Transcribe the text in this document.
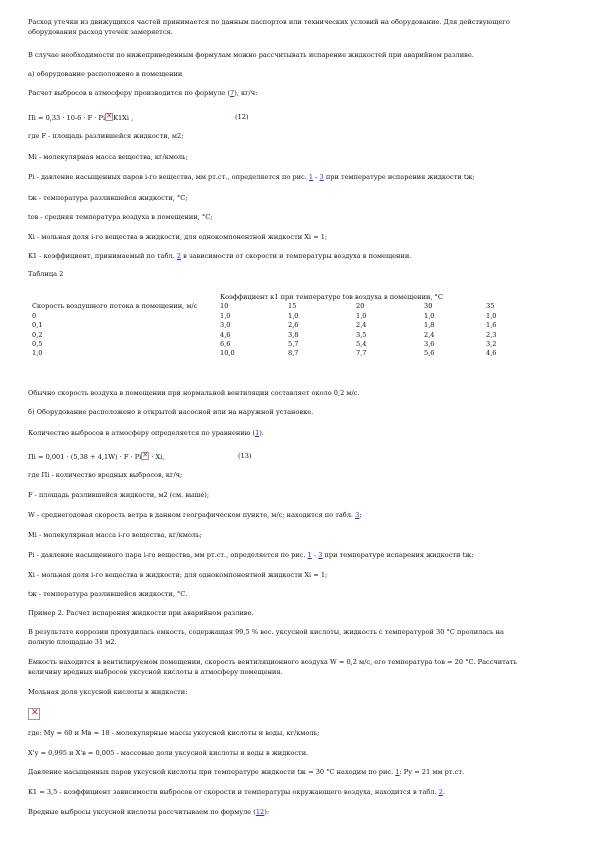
Расход утечки из движущихся частей принимается по данным паспортов или технических условий на оборудование. Для действующего
оборудования расход утечек замеряется.
В случае необходимости по нижеприведенным формулам можно рассчитывать испарение жидкостей при аварийном разливе.
а) оборудование расположено в помещении
Расчет выбросов в атмосферу производится по формуле (7), кг/ч:
Пi = 0,33 · 10-6 · F · Pi ✕ K1Xi ,	(12)
где F - площадь разлившейся жидкости, м2;
Mi - молекулярная масса вещества, кг/кмоль;
Pi - давление насыщенных паров i-го вещества, мм рт.ст., определяется по рис. 1 - 3 при температуре испарения жидкости tж;
tж - температура разлившейся жидкости, °С;
tов - средняя температура воздуха в помещении, °С;
Xi - мольная доля i-го вещества в жидкости, для однокомпонентной жидкости Xi = 1;
K1 - коэффициент, принимаемый по табл. 2 в зависимости от скорости и температуры воздуха в помещении.
Таблица 2
	Коэффициент к1 при температуре tов воздуха в помещении, °С				
Скорость воздушного потока в помещении, м/с	10	15	20	30	35
0	1,0	1,0	1,0	1,0	1,0
0,1	3,0	2,6	2,4	1,8	1,6
0,2	4,6	3,8	3,5	2,4	2,3
0,5	6,6	5,7	5,4	3,6	3,2
1,0	10,0	8,7	7,7	5,6	4,6
Обычно скорость воздуха в помещении при нормальной вентиляции составляет около 0,2 м/с.
б) Оборудование расположено в открытой насосной или на наружной установке.
Количество выбросов в атмосферу определяется по уравнению (1).
Пi = 0,001 · (5,38 + 4,1W) · F · Pi✕ · Xi,	(13)
где Пi - количество вредных выбросов, кг/ч;
F - площадь разлившейся жидкости, м2 (см. выше);
W - среднегодовая скорость ветра в данном географическом пункте, м/с; находится по табл. 3;
Mi - молекулярная масса i-го вещества, кг/кмоль;
Pi - давление насыщенного пара i-го вещества, мм рт.ст., определяется по рис. 1 - 3 при температуре испарения жидкости tж;
Xi - мольная доля i-го вещества в жидкости; для однокомпонентной жидкости Xi = 1;
tж - температура разлившейся жидкости, °С.
Пример 2. Расчет испарения жидкости при аварийном разливе.
В результате коррозии прохудилась емкость, содержащая 99,5 % вес. уксусной кислоты, жидкость с температурой 30 °С пролилась на
полную площадью 31 м2.
Емкость находится в вентилируемом помещении, скорость вентиляционного воздуха W = 0,2 м/с, его температура tов = 20 °С. Рассчитать
величину вредных выбросов уксусной кислоты в атмосферу помещения.
Мольная доля уксусной кислоты в жидкости:
✕
где: Му = 60 и Мв = 18 - молекулярные массы уксусной кислоты и воды, кг/кмоль;
Х'у = 0,995 и Х'в = 0,005 - массовые доли уксусной кислоты и воды в жидкости.
Давление насыщенных паров уксусной кислоты при температуре жидкости tж = 30 °С находим по рис. 1: Ру = 21 мм рт.ст.
K1 = 3,5 - коэффициент зависимости выбросов от скорости и температуры окружающего воздуха, находится в табл. 2.
Вредные выбросы уксусной кислоты рассчитываем по формуле (12):
